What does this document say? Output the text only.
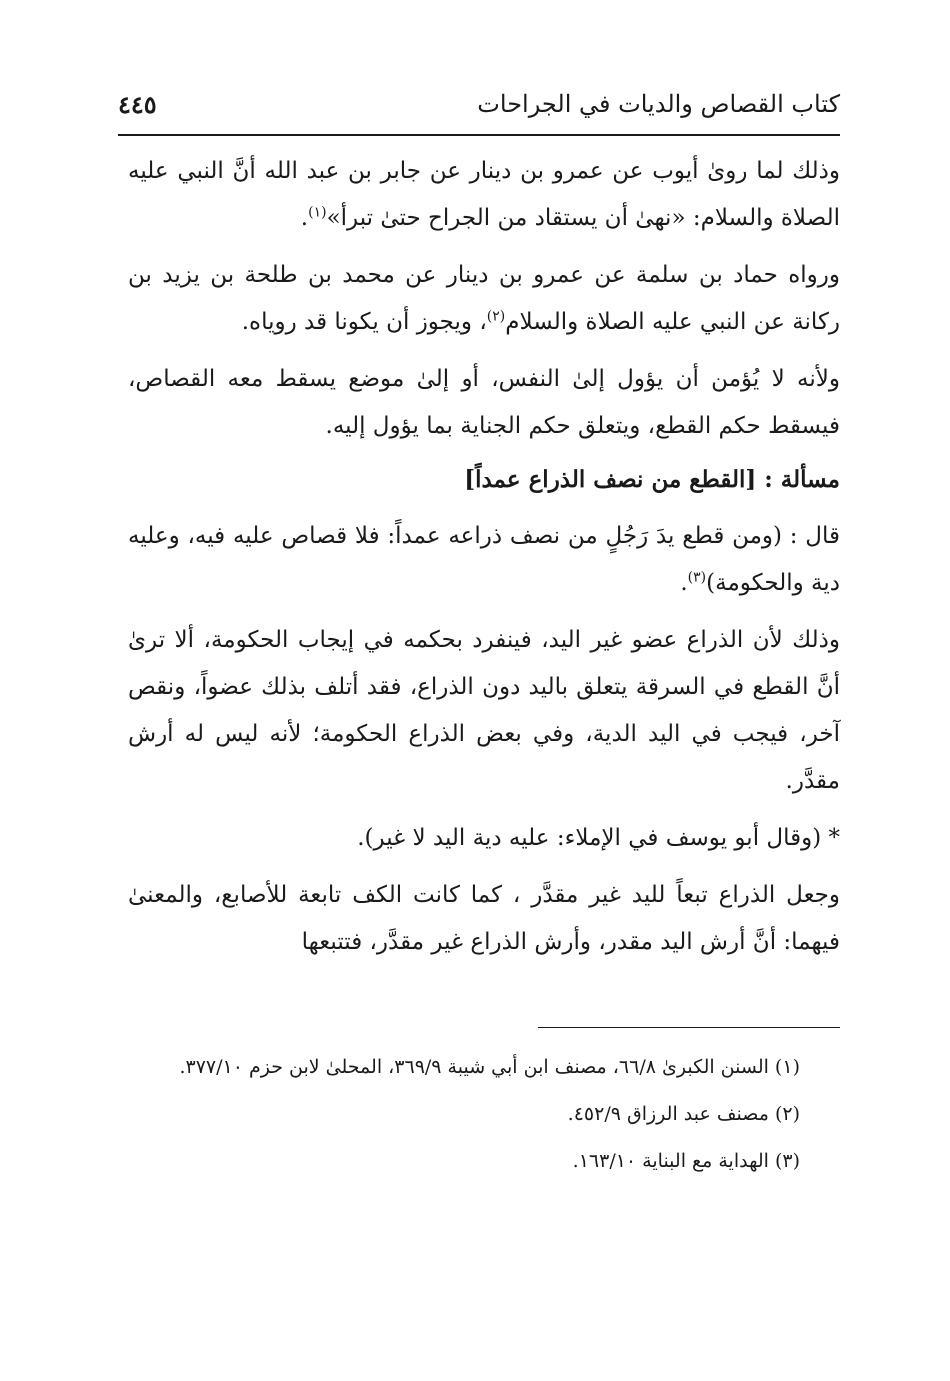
كتاب القصاص والديات في الجراحات
٤٤٥

وذلك لما رویٰ أیوب عن عمرو بن دینار عن جابر بن عبد الله أنَّ النبي علیه الصلاة والسلام: «نهیٰ أن یستقاد من الجراح حتیٰ تبرأ»$^{(١)}$.

ورواه حماد بن سلمة عن عمرو بن دینار عن محمد بن طلحة بن یزید بن رکانة عن النبي علیه الصلاة والسلام$^{(٢)}$، ویجوز أن یکونا قد روياه.

ولأنه لا یُؤمن أن یؤول إلیٰ النفس، أو إلیٰ موضع یسقط معه القصاص، فیسقط حکم القطع، ویتعلق حکم الجنایة بما یؤول إلیه.

مسألة : [القطع من نصف الذراع عمداً]

قال : (ومن قطع یدَ رَجُلٍ من نصف ذراعه عمداً: فلا قصاص علیه فیه، وعلیه دیة والحکومة)$^{(٣)}$.

وذلك لأن الذراع عضو غیر الید، فینفرد بحکمه في إیجاب الحکومة، ألا تریٰ أنَّ القطع في السرقة یتعلق بالید دون الذراع، فقد أتلف بذلك عضواً، ونقص آخر، فیجب في الید الدیة، وفي بعض الذراع الحکومة؛ لأنه لیس له أرش مقدَّر.

* (وقال أبو یوسف في الإملاء: علیه دیة الید لا غیر).

وجعل الذراع تبعاً للید غیر مقدَّر ، کما کانت الکف تابعة للأصابع، والمعنیٰ فیهما: أنَّ أرش الید مقدر، وأرش الذراع غیر مقدَّر، فتتبعها

(١) السنن الکبریٰ ٦٦/٨، مصنف ابن أبي شیبة ٣٦٩/٩، المحلیٰ لابن حزم ٣٧٧/١٠.

(٢) مصنف عبد الرزاق ٤٥٢/٩.

(٣) الهدایة مع البنایة ١٦٣/١٠.
